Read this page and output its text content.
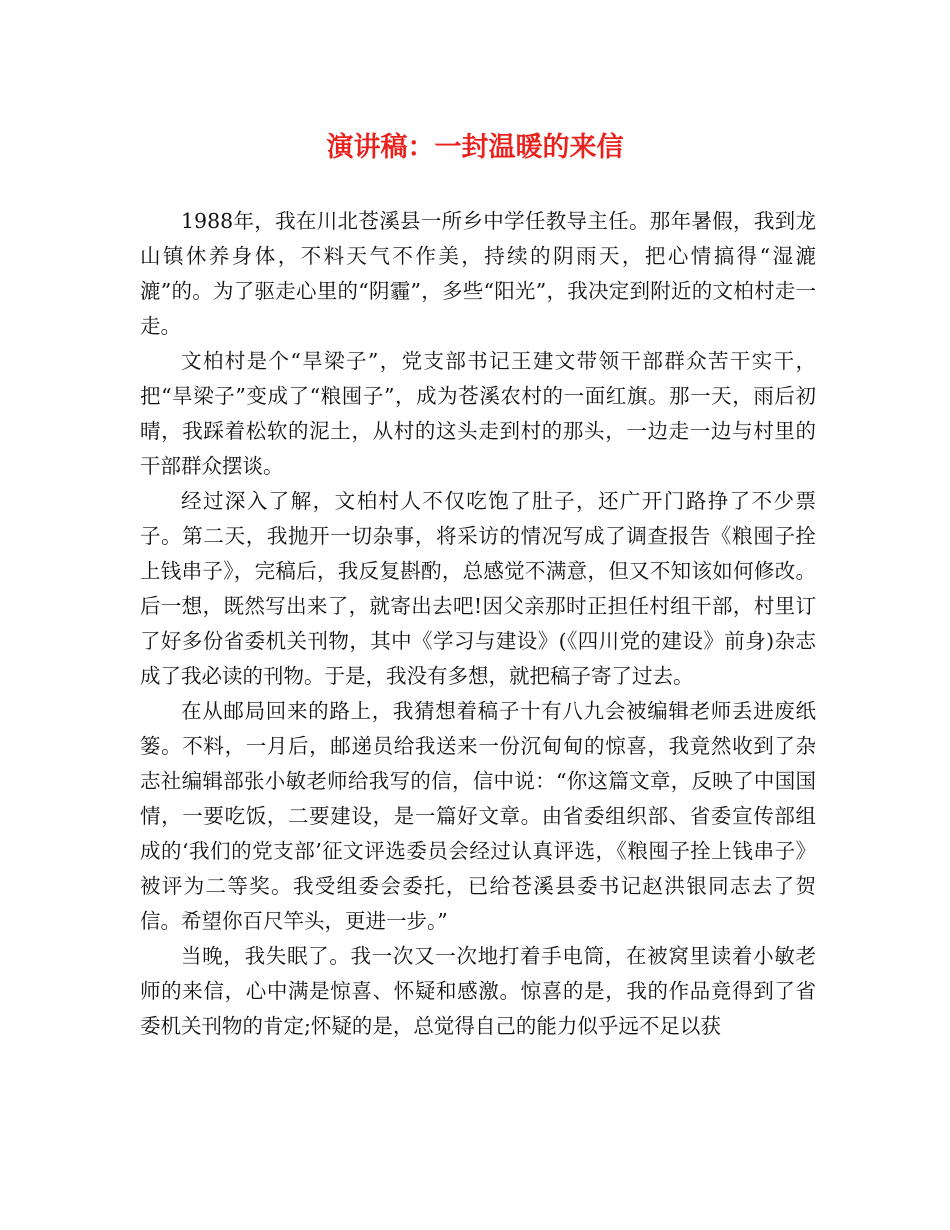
演讲稿：一封温暖的来信

1988年，我在川北苍溪县一所乡中学任教导主任。那年暑假，我到龙山镇休养身体，不料天气不作美，持续的阴雨天，把心情搞得“湿漉漉”的。为了驱走心里的“阴霾”，多些“阳光”，我决定到附近的文柏村走一走。

文柏村是个“旱梁子”，党支部书记王建文带领干部群众苦干实干，把“旱梁子”变成了“粮囤子”，成为苍溪农村的一面红旗。那一天，雨后初晴，我踩着松软的泥土，从村的这头走到村的那头，一边走一边与村里的干部群众摆谈。

经过深入了解，文柏村人不仅吃饱了肚子，还广开门路挣了不少票子。第二天，我抛开一切杂事，将采访的情况写成了调查报告《粮囤子拴上钱串子》，完稿后，我反复斟酌，总感觉不满意，但又不知该如何修改。后一想，既然写出来了，就寄出去吧!因父亲那时正担任村组干部，村里订了好多份省委机关刊物，其中《学习与建设》(《四川党的建设》前身)杂志成了我必读的刊物。于是，我没有多想，就把稿子寄了过去。

在从邮局回来的路上，我猜想着稿子十有八九会被编辑老师丢进废纸篓。不料，一月后，邮递员给我送来一份沉甸甸的惊喜，我竟然收到了杂志社编辑部张小敏老师给我写的信，信中说：“你这篇文章，反映了中国国情，一要吃饭，二要建设，是一篇好文章。由省委组织部、省委宣传部组成的‘我们的党支部’征文评选委员会经过认真评选，《粮囤子拴上钱串子》被评为二等奖。我受组委会委托，已给苍溪县委书记赵洪银同志去了贺信。希望你百尺竿头，更进一步。”

当晚，我失眠了。我一次又一次地打着手电筒，在被窝里读着小敏老师的来信，心中满是惊喜、怀疑和感激。惊喜的是，我的作品竟得到了省委机关刊物的肯定;怀疑的是，总觉得自己的能力似乎远不足以获
